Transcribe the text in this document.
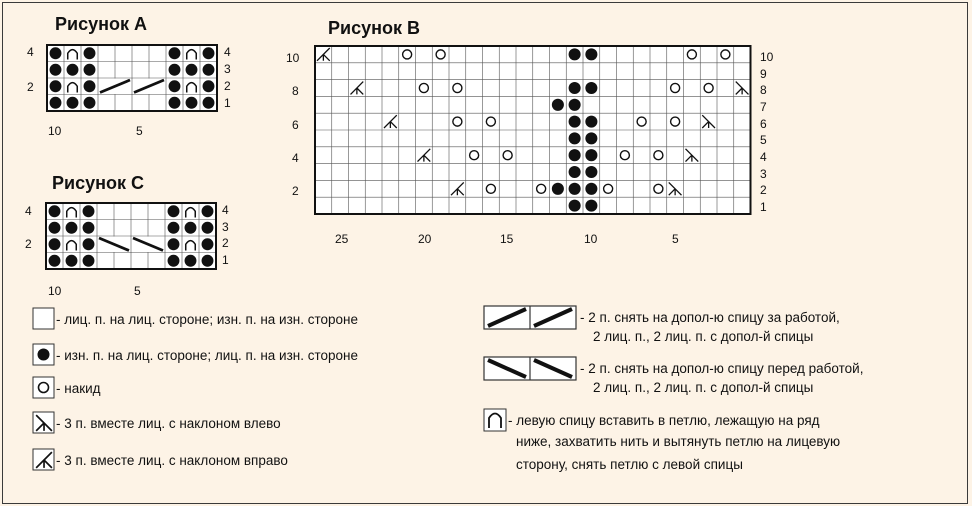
Рисунок А
4
2
4
3
2
1
10	5
Рисунок С
4
2
4
3
2
1
10	5
Рисунок В
10
8
6
4
2
10
9
8
7
6
5
4
3
2
1
25	20	15	10	5
- лиц. п. на лиц. стороне; изн. п. на изн. стороне
- изн. п. на лиц. стороне; лиц. п. на изн. стороне
- накид
- 3 п. вместе лиц. с наклоном влево
- 3 п. вместе лиц. с наклоном вправо
- 2 п. снять на допол-ю спицу за работой,
2 лиц. п., 2 лиц. п. с допол-й спицы
- 2 п. снять на допол-ю спицу перед работой,
2 лиц. п., 2 лиц. п. с допол-й спицы
- левую спицу вставить в петлю, лежащую на ряд
ниже, захватить нить и вытянуть петлю на лицевую
сторону, снять петлю с левой спицы
